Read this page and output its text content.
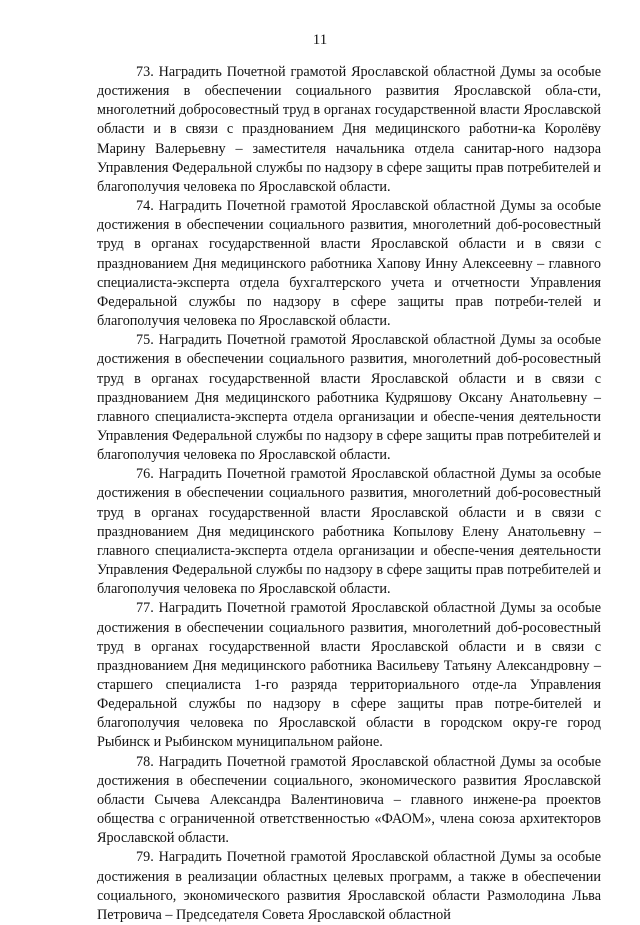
11

73. Наградить Почетной грамотой Ярославской областной Думы за особые достижения в обеспечении социального развития Ярославской обла-сти, многолетний добросовестный труд в органах государственной власти Ярославской области и в связи с празднованием Дня медицинского работни-ка Королёву Марину Валерьевну – заместителя начальника отдела санитар-ного надзора Управления Федеральной службы по надзору в сфере защиты прав потребителей и благополучия человека по Ярославской области.

74. Наградить Почетной грамотой Ярославской областной Думы за особые достижения в обеспечении социального развития, многолетний доб-росовестный труд в органах государственной власти Ярославской области и в связи с празднованием Дня медицинского работника Хапову Инну Алексеевну – главного специалиста-эксперта отдела бухгалтерского учета и отчетности Управления Федеральной службы по надзору в сфере защиты прав потреби-телей и благополучия человека по Ярославской области.

75. Наградить Почетной грамотой Ярославской областной Думы за особые достижения в обеспечении социального развития, многолетний доб-росовестный труд в органах государственной власти Ярославской области и в связи с празднованием Дня медицинского работника Кудряшову Оксану Анатольевну – главного специалиста-эксперта отдела организации и обеспе-чения деятельности Управления Федеральной службы по надзору в сфере защиты прав потребителей и благополучия человека по Ярославской области.

76. Наградить Почетной грамотой Ярославской областной Думы за особые достижения в обеспечении социального развития, многолетний доб-росовестный труд в органах государственной власти Ярославской области и в связи с празднованием Дня медицинского работника Копылову Елену Анатольевну – главного специалиста-эксперта отдела организации и обеспе-чения деятельности Управления Федеральной службы по надзору в сфере защиты прав потребителей и благополучия человека по Ярославской области.

77. Наградить Почетной грамотой Ярославской областной Думы за особые достижения в обеспечении социального развития, многолетний доб-росовестный труд в органах государственной власти Ярославской области и в связи с празднованием Дня медицинского работника Васильеву Татьяну Александровну – старшего специалиста 1-го разряда территориального отде-ла Управления Федеральной службы по надзору в сфере защиты прав потре-бителей и благополучия человека по Ярославской области в городском окру-ге город Рыбинск и Рыбинском муниципальном районе.

78. Наградить Почетной грамотой Ярославской областной Думы за особые достижения в обеспечении социального, экономического развития Ярославской области Сычева Александра Валентиновича – главного инжене-ра проектов общества с ограниченной ответственностью «ФАОМ», члена союза архитекторов Ярославской области.

79. Наградить Почетной грамотой Ярославской областной Думы за особые достижения в реализации областных целевых программ, а также в обеспечении социального, экономического развития Ярославской области Размолодина Льва Петровича – Председателя Совета Ярославской областной
